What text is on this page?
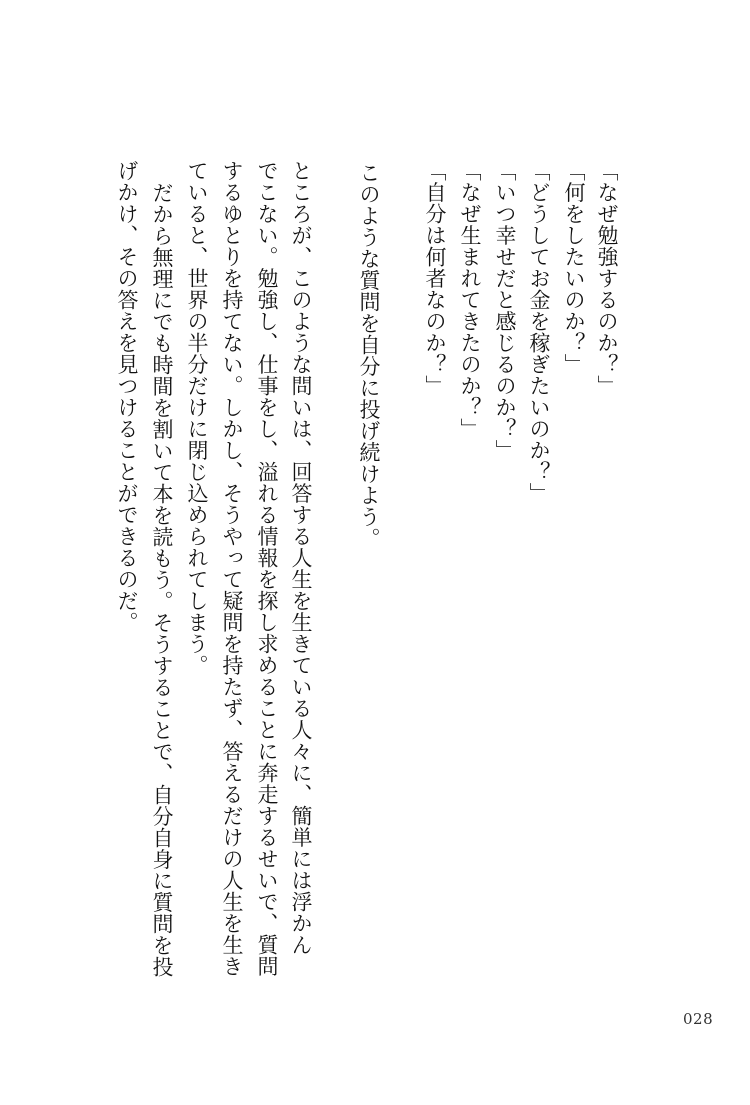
「なぜ勉強するのか？」

「何をしたいのか？」

「どうしてお金を稼ぎたいのか？」

「いつ幸せだと感じるのか？」

「なぜ生まれてきたのか？」

「自分は何者なのか？」

このような質問を自分に投げ続けよう。

ところが、このような問いは、回答する人生を生きている人々に、簡単には浮かん

でこない。勉強し、仕事をし、溢れる情報を探し求めることに奔走するせいで、質問

するゆとりを持てない。しかし、そうやって疑問を持たず、答えるだけの人生を生き

ていると、世界の半分だけに閉じ込められてしまう。

だから無理にでも時間を割いて本を読もう。そうすることで、自分自身に質問を投

げかけ、その答えを見つけることができるのだ。

028
